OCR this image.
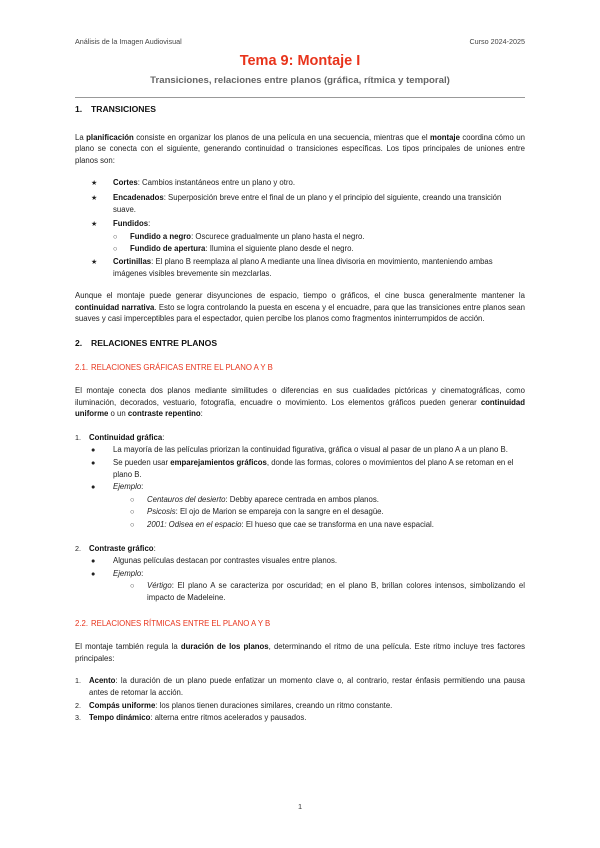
Análisis de la Imagen Audiovisual	Curso 2024-2025
Tema 9: Montaje I
Transiciones, relaciones entre planos (gráfica, rítmica y temporal)
1. TRANSICIONES

La planificación consiste en organizar los planos de una película en una secuencia, mientras que el montaje coordina cómo un plano se conecta con el siguiente, generando continuidad o transiciones específicas. Los tipos principales de uniones entre planos son:

★ Cortes: Cambios instantáneos entre un plano y otro.
★ Encadenados: Superposición breve entre el final de un plano y el principio del siguiente, creando una transición suave.
★ Fundidos:
○ Fundido a negro: Oscurece gradualmente un plano hasta el negro.
○ Fundido de apertura: Ilumina el siguiente plano desde el negro.
★ Cortinillas: El plano B reemplaza al plano A mediante una línea divisoria en movimiento, manteniendo ambas imágenes visibles brevemente sin mezclarlas.

Aunque el montaje puede generar disyunciones de espacio, tiempo o gráficos, el cine busca generalmente mantener la continuidad narrativa. Esto se logra controlando la puesta en escena y el encuadre, para que las transiciones entre planos sean suaves y casi imperceptibles para el espectador, quien percibe los planos como fragmentos ininterrumpidos de acción.

2. RELACIONES ENTRE PLANOS
2.1. RELACIONES GRÁFICAS ENTRE EL PLANO A Y B

El montaje conecta dos planos mediante similitudes o diferencias en sus cualidades pictóricas y cinematográficas, como iluminación, decorados, vestuario, fotografía, encuadre o movimiento. Los elementos gráficos pueden generar continuidad uniforme o un contraste repentino:

1. Continuidad gráfica:
● La mayoría de las películas priorizan la continuidad figurativa, gráfica o visual al pasar de un plano A a un plano B.
● Se pueden usar emparejamientos gráficos, donde las formas, colores o movimientos del plano A se retoman en el plano B.
● Ejemplo:
○ Centauros del desierto: Debby aparece centrada en ambos planos.
○ Psicosis: El ojo de Marion se empareja con la sangre en el desagüe.
○ 2001: Odisea en el espacio: El hueso que cae se transforma en una nave espacial.
2. Contraste gráfico:
● Algunas películas destacan por contrastes visuales entre planos.
● Ejemplo:
○ Vértigo: El plano A se caracteriza por oscuridad; en el plano B, brillan colores intensos, simbolizando el impacto de Madeleine.
2.2. RELACIONES RÍTMICAS ENTRE EL PLANO A Y B

El montaje también regula la duración de los planos, determinando el ritmo de una película. Este ritmo incluye tres factores principales:

1. Acento: la duración de un plano puede enfatizar un momento clave o, al contrario, restar énfasis permitiendo una pausa antes de retomar la acción.
2. Compás uniforme: los planos tienen duraciones similares, creando un ritmo constante.
3. Tempo dinámico: alterna entre ritmos acelerados y pausados.
1
